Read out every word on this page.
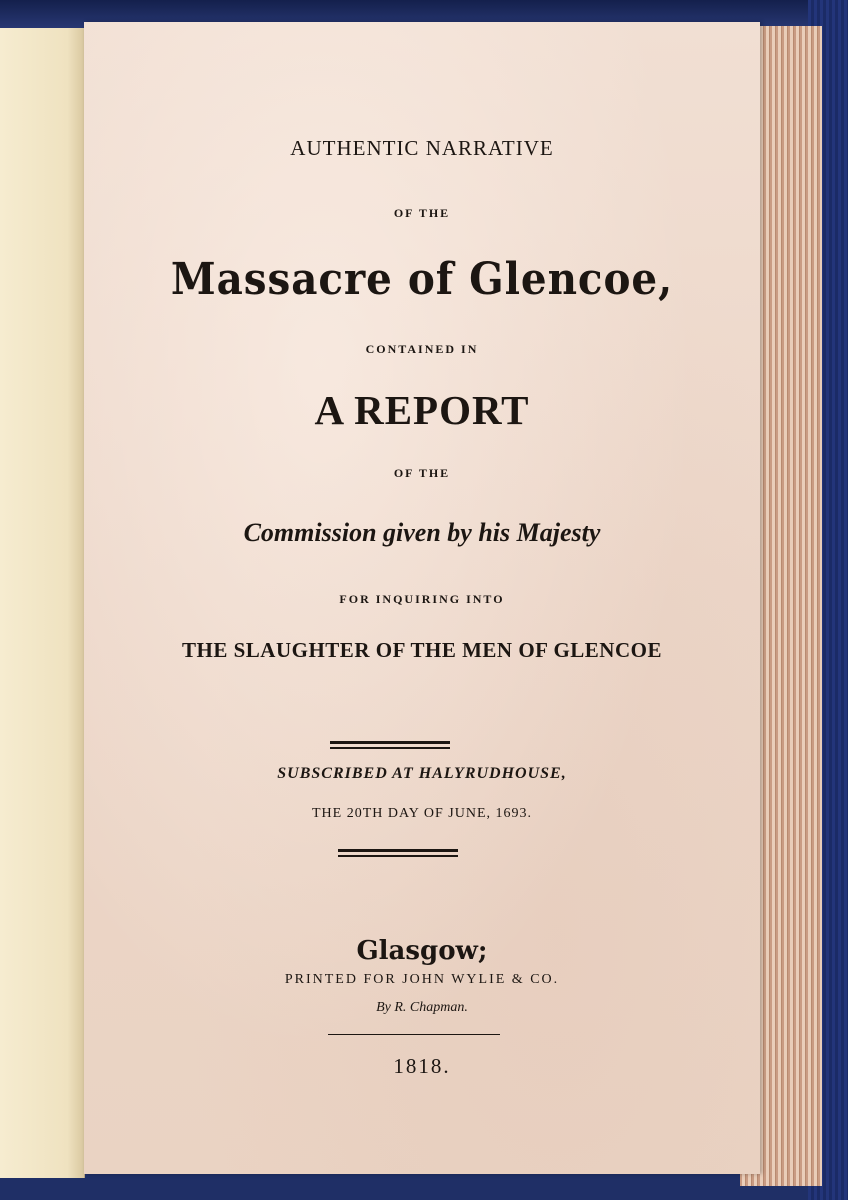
AUTHENTIC NARRATIVE
OF THE
Massacre of Glencoe,
CONTAINED IN
A REPORT
OF THE
Commission given by his Majesty
FOR INQUIRING INTO
THE SLAUGHTER OF THE MEN OF GLENCOE
SUBSCRIBED AT HALYRUDHOUSE,
THE 20TH DAY OF JUNE, 1693.
Glasgow;
PRINTED FOR JOHN WYLIE & CO.
By R. Chapman.
1818.
